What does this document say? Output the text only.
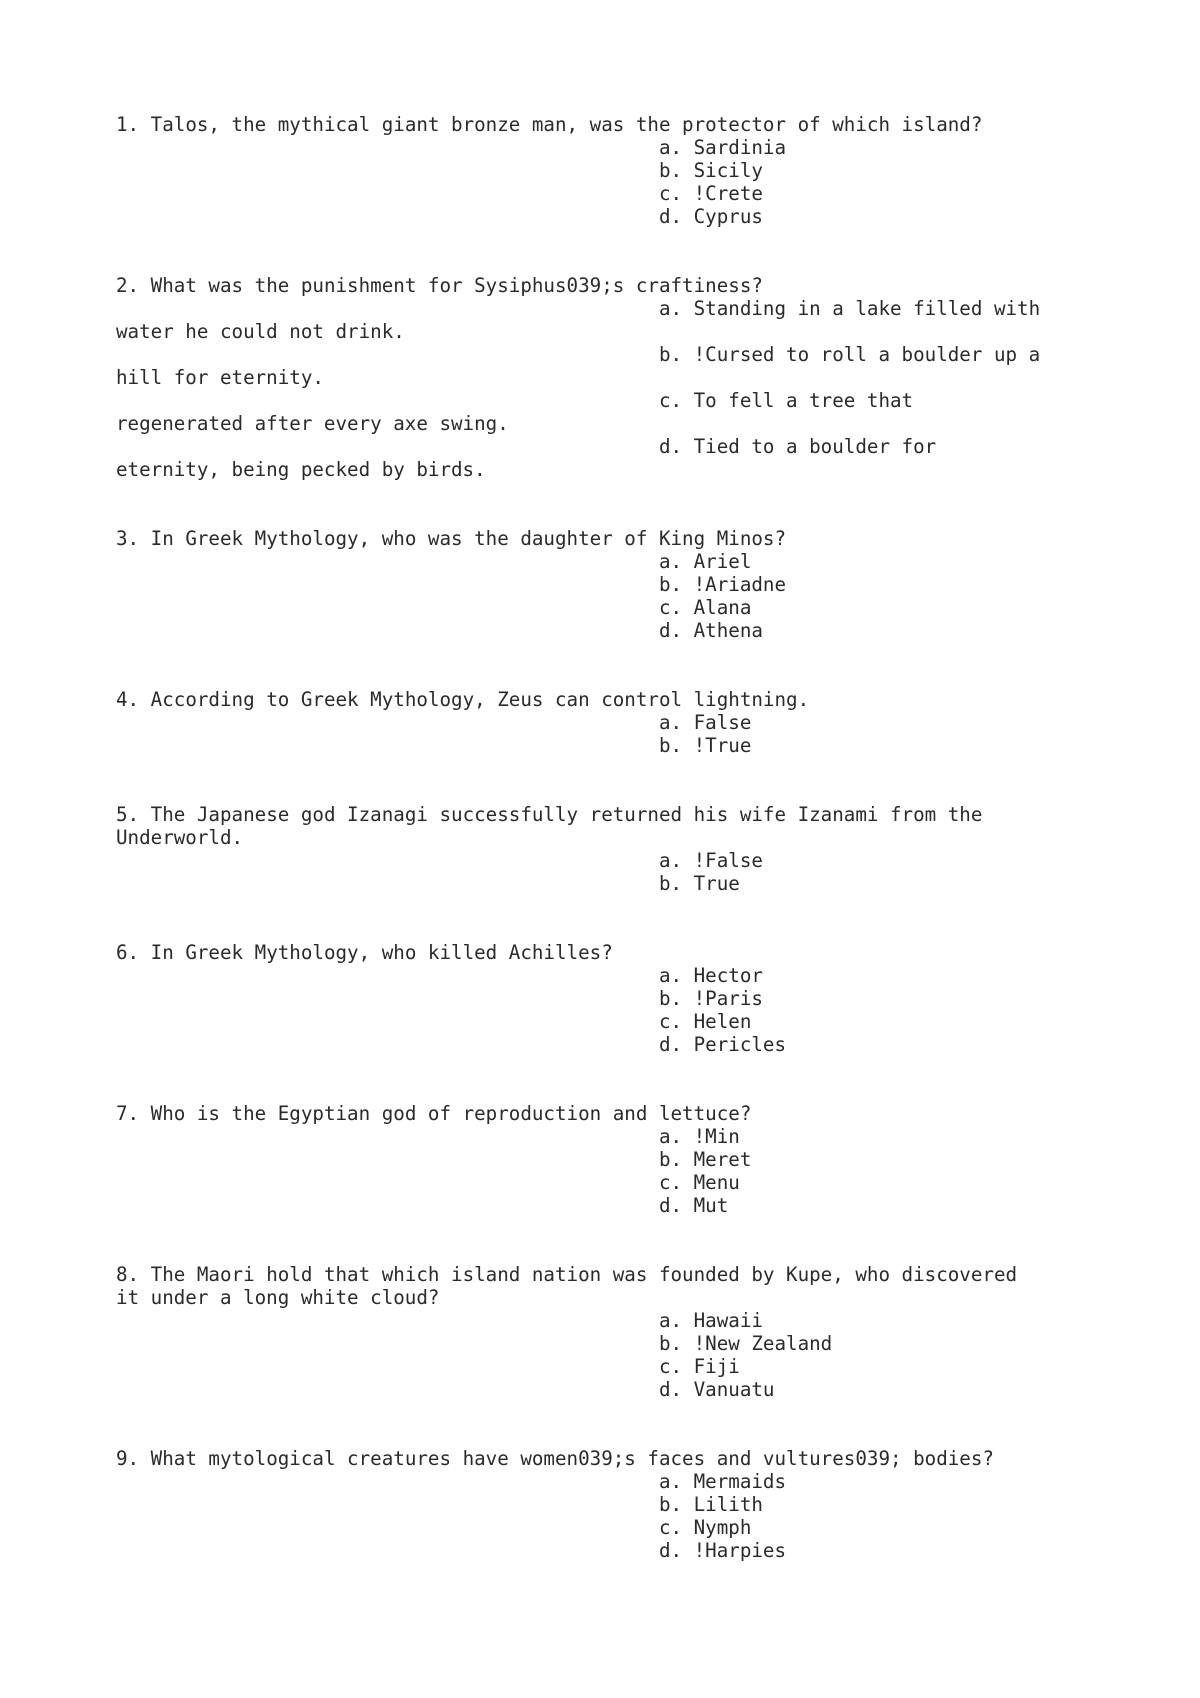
1. Talos, the mythical giant bronze man, was the protector of which island?
a. Sardinia
b. Sicily
c. !Crete
d. Cyprus

2. What was the punishment for Sysiphus039;s craftiness?
a. Standing in a lake filled with
water he could not drink.
b. !Cursed to roll a boulder up a
hill for eternity.
c. To fell a tree that
regenerated after every axe swing.
d. Tied to a boulder for
eternity, being pecked by birds.

3. In Greek Mythology, who was the daughter of King Minos?
a. Ariel
b. !Ariadne
c. Alana
d. Athena

4. According to Greek Mythology, Zeus can control lightning.
a. False
b. !True

5. The Japanese god Izanagi successfully returned his wife Izanami from the
Underworld.
a. !False
b. True

6. In Greek Mythology, who killed Achilles?
a. Hector
b. !Paris
c. Helen
d. Pericles

7. Who is the Egyptian god of reproduction and lettuce?
a. !Min
b. Meret
c. Menu
d. Mut

8. The Maori hold that which island nation was founded by Kupe, who discovered
it under a long white cloud?
a. Hawaii
b. !New Zealand
c. Fiji
d. Vanuatu

9. What mytological creatures have women039;s faces and vultures039; bodies?
a. Mermaids
b. Lilith
c. Nymph
d. !Harpies
